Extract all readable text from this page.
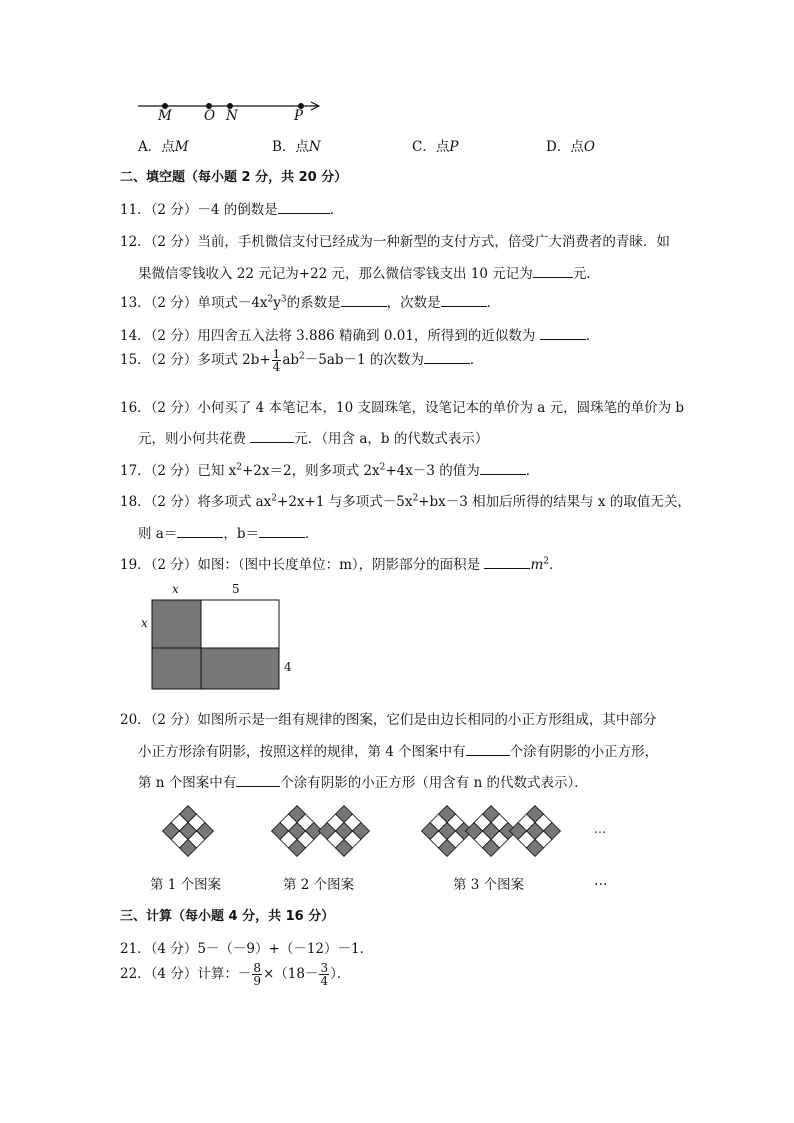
M O N	P
A．点M	B．点N	C．点P	D．点O
二、填空题（每小题 2 分，共 20 分）
11．（2 分）－4 的倒数是	．
12．（2 分）当前，手机微信支付已经成为一种新型的支付方式，倍受广大消费者的青睐．如
果微信零钱收入 22 元记为+22 元，那么微信零钱支出 10 元记为	元．
13．（2 分）单项式$-4x^2y^3$的系数是	，次数是	．
14．（2 分）用四舍五入法将 3.886 精确到 0.01，所得到的近似数为	．
15．（2 分）多项式 $2b+ \frac{1}{4} ab^2-5ab-1$ 的次数为	．
16．（2 分）小何买了 4 本笔记本，10 支圆珠笔，设笔记本的单价为 a 元，圆珠笔的单价为 b
元，则小何共花费	元．（用含 a，b 的代数式表示）
17．（2 分）已知 $x^2+2x=2$，则多项式 $2x^2+4x-3$ 的值为	．
18．（2 分）将多项式 $ax^2+2x+1$ 与多项式$-5x^2+bx-3$ 相加后所得的结果与 x 的取值无关，
则 a＝	，b＝	．
19．（2 分）如图：（图中长度单位：m），阴影部分的面积是	$m^2$．
x	5
x
4
20．（2 分）如图所示是一组有规律的图案，它们是由边长相同的小正方形组成，其中部分
小正方形涂有阴影，按照这样的规律，第 4 个图案中有	个涂有阴影的小正方形，
第 n 个图案中有	个涂有阴影的小正方形（用含有 n 的代数式表示）．
…
第 1 个图案	第 2 个图案	第 3 个图案	…
三、计算（每小题 4 分，共 16 分）
21．（4 分）5－（－9）+（－12）－1．
22．（4 分）计算：－ $\frac{8}{9} \times(18- \frac{3}{4}$ ）．
